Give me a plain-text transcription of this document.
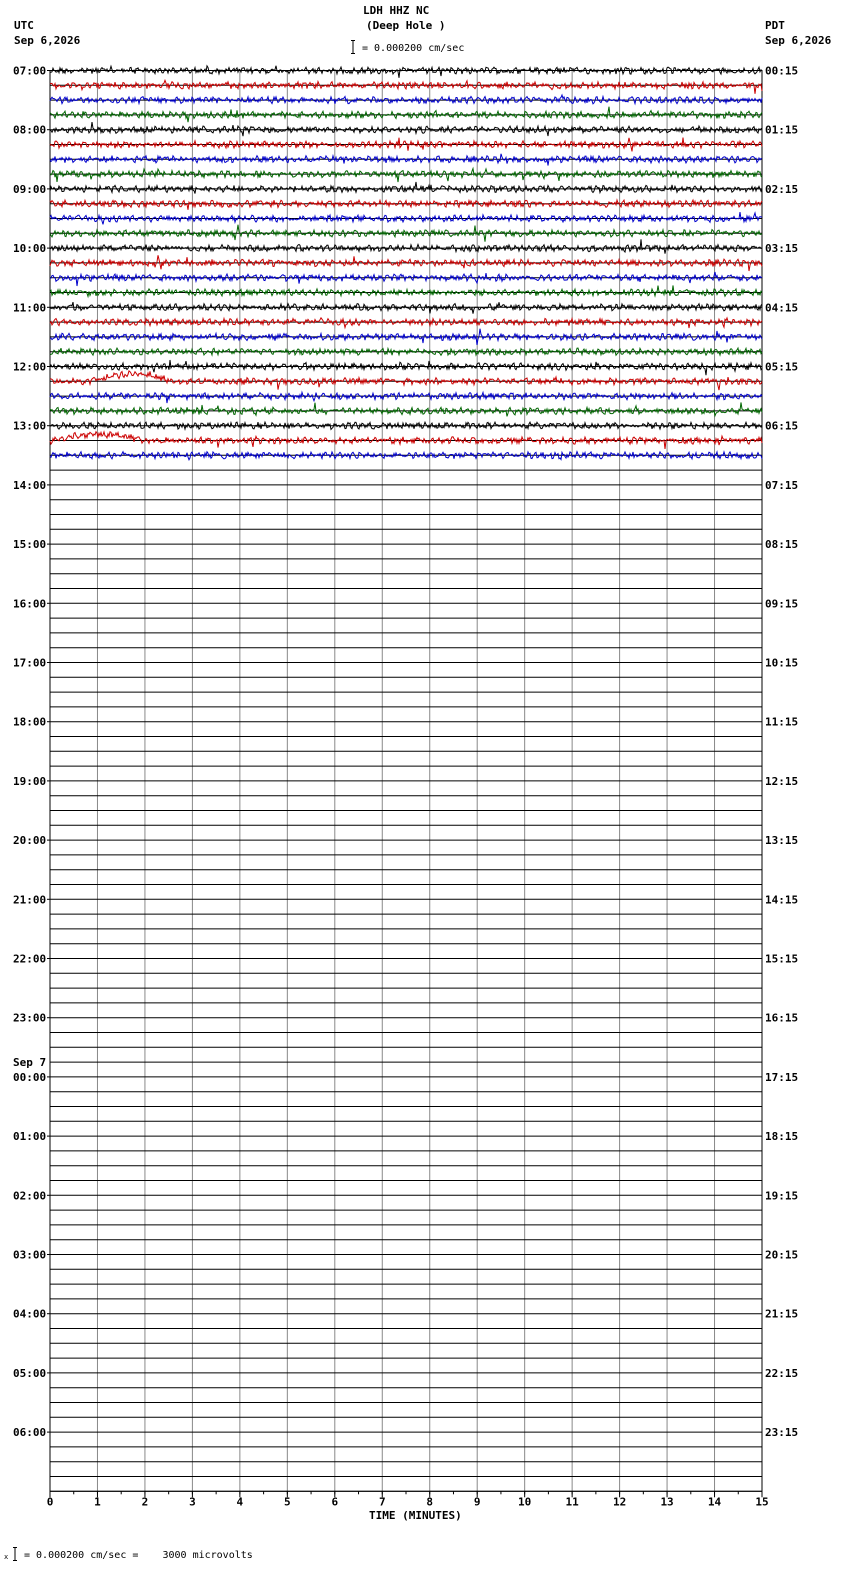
LDH HHZ NC
(Deep Hole )
= 0.000200 cm/sec
UTC
Sep 6,2026
PDT
Sep 6,2026
07:00
08:00
09:00
10:00
11:00
12:00
13:00
14:00
15:00
16:00
17:00
18:00
19:00
20:00
21:00
22:00
23:00
00:00
01:00
02:00
03:00
04:00
05:00
06:00
00:15
01:15
02:15
03:15
04:15
05:15
06:15
07:15
08:15
09:15
10:15
11:15
12:15
13:15
14:15
15:15
16:15
17:15
18:15
19:15
20:15
21:15
22:15
23:15
Sep 7
0	1	2	3	4	5	6	7	8	9	10	11	12	13	14	15
TIME (MINUTES)
x = 0.000200 cm/sec =    3000 microvolts
